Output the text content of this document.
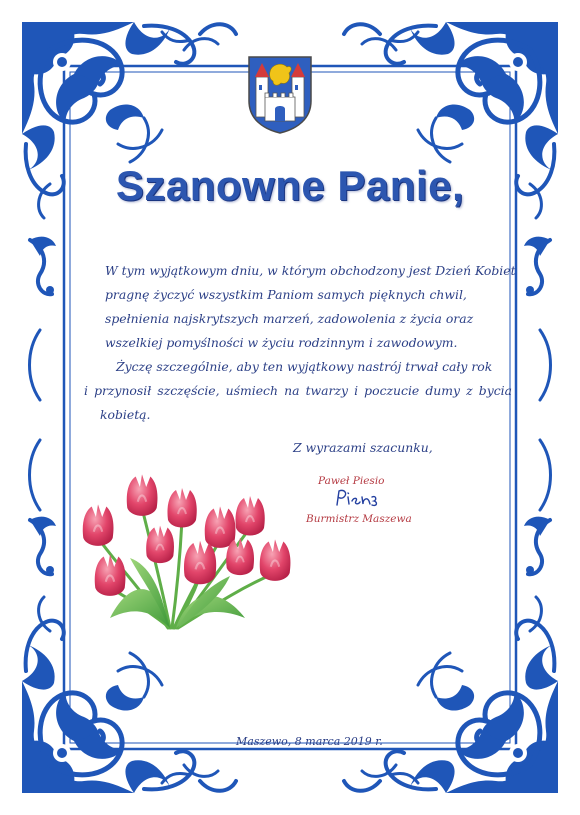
Szanowne Panie,

W tym wyjątkowym dniu, w którym obchodzony jest Dzień Kobiet
pragnę życzyć wszystkim Paniom samych pięknych chwil,
spełnienia najskrytszych marzeń, zadowolenia z życia oraz
wszelkiej pomyślności w życiu rodzinnym i zawodowym.

Życzę szczególnie, aby ten wyjątkowy nastrój trwał cały rok
i przynosił szczęście, uśmiech na twarzy i poczucie dumy z bycia
kobietą.

Z wyrazami szacunku,
Paweł Piesio
Burmistrz Maszewa
Maszewo, 8 marca 2019 r.
